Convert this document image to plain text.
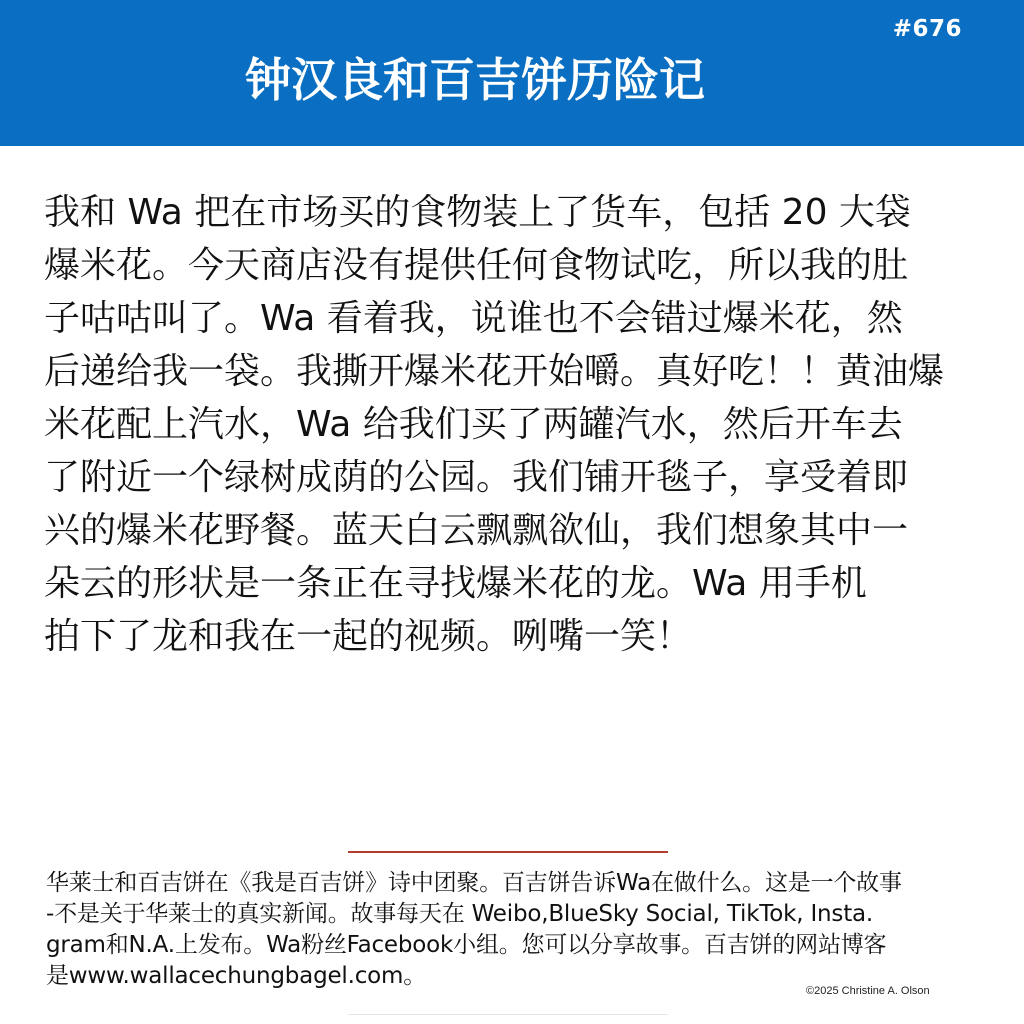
#676
钟汉良和百吉饼历险记
我和 Wa 把在市场买的食物装上了货车，包括 20 大袋
爆米花。今天商店没有提供任何食物试吃，所以我的肚
子咕咕叫了。Wa 看着我，说谁也不会错过爆米花，然
后递给我一袋。我撕开爆米花开始嚼。真好吃！！黄油爆
米花配上汽水，Wa 给我们买了两罐汽水，然后开车去
了附近一个绿树成荫的公园。我们铺开毯子，享受着即
兴的爆米花野餐。蓝天白云飘飘欲仙，我们想象其中一
朵云的形状是一条正在寻找爆米花的龙。Wa 用手机
拍下了龙和我在一起的视频。咧嘴一笑！
华莱士和百吉饼在《我是百吉饼》诗中团聚。百吉饼告诉Wa在做什么。这是一个故事
-不是关于华莱士的真实新闻。故事每天在 Weibo,BlueSky Social, TikTok, Insta.
gram和N.A.上发布。Wa粉丝Facebook小组。您可以分享故事。百吉饼的网站博客
是www.wallacechungbagel.com。
©2025 Christine A. Olson
